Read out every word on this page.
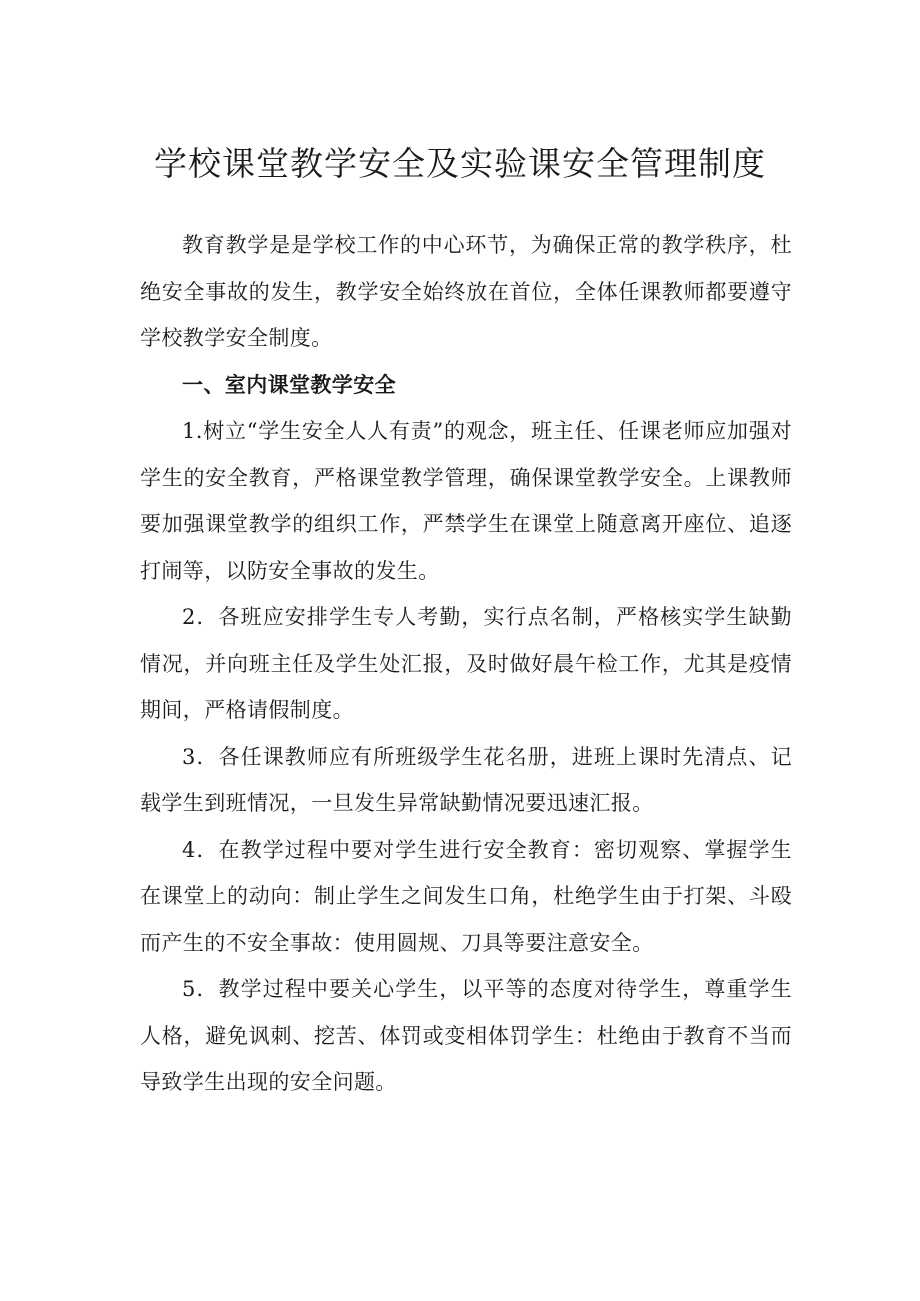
学校课堂教学安全及实验课安全管理制度

教育教学是是学校工作的中心环节，为确保正常的教学秩序，杜绝安全事故的发生，教学安全始终放在首位，全体任课教师都要遵守学校教学安全制度。

一、室内课堂教学安全

1.树立“学生安全人人有责”的观念，班主任、任课老师应加强对学生的安全教育，严格课堂教学管理，确保课堂教学安全。上课教师要加强课堂教学的组织工作，严禁学生在课堂上随意离开座位、追逐打闹等，以防安全事故的发生。

2．各班应安排学生专人考勤，实行点名制，严格核实学生缺勤情况，并向班主任及学生处汇报，及时做好晨午检工作，尤其是疫情期间，严格请假制度。

3．各任课教师应有所班级学生花名册，进班上课时先清点、记载学生到班情况，一旦发生异常缺勤情况要迅速汇报。

4．在教学过程中要对学生进行安全教育：密切观察、掌握学生在课堂上的动向：制止学生之间发生口角，杜绝学生由于打架、斗殴而产生的不安全事故：使用圆规、刀具等要注意安全。

5．教学过程中要关心学生，以平等的态度对待学生，尊重学生人格，避免讽刺、挖苦、体罚或变相体罚学生：杜绝由于教育不当而导致学生出现的安全问题。
